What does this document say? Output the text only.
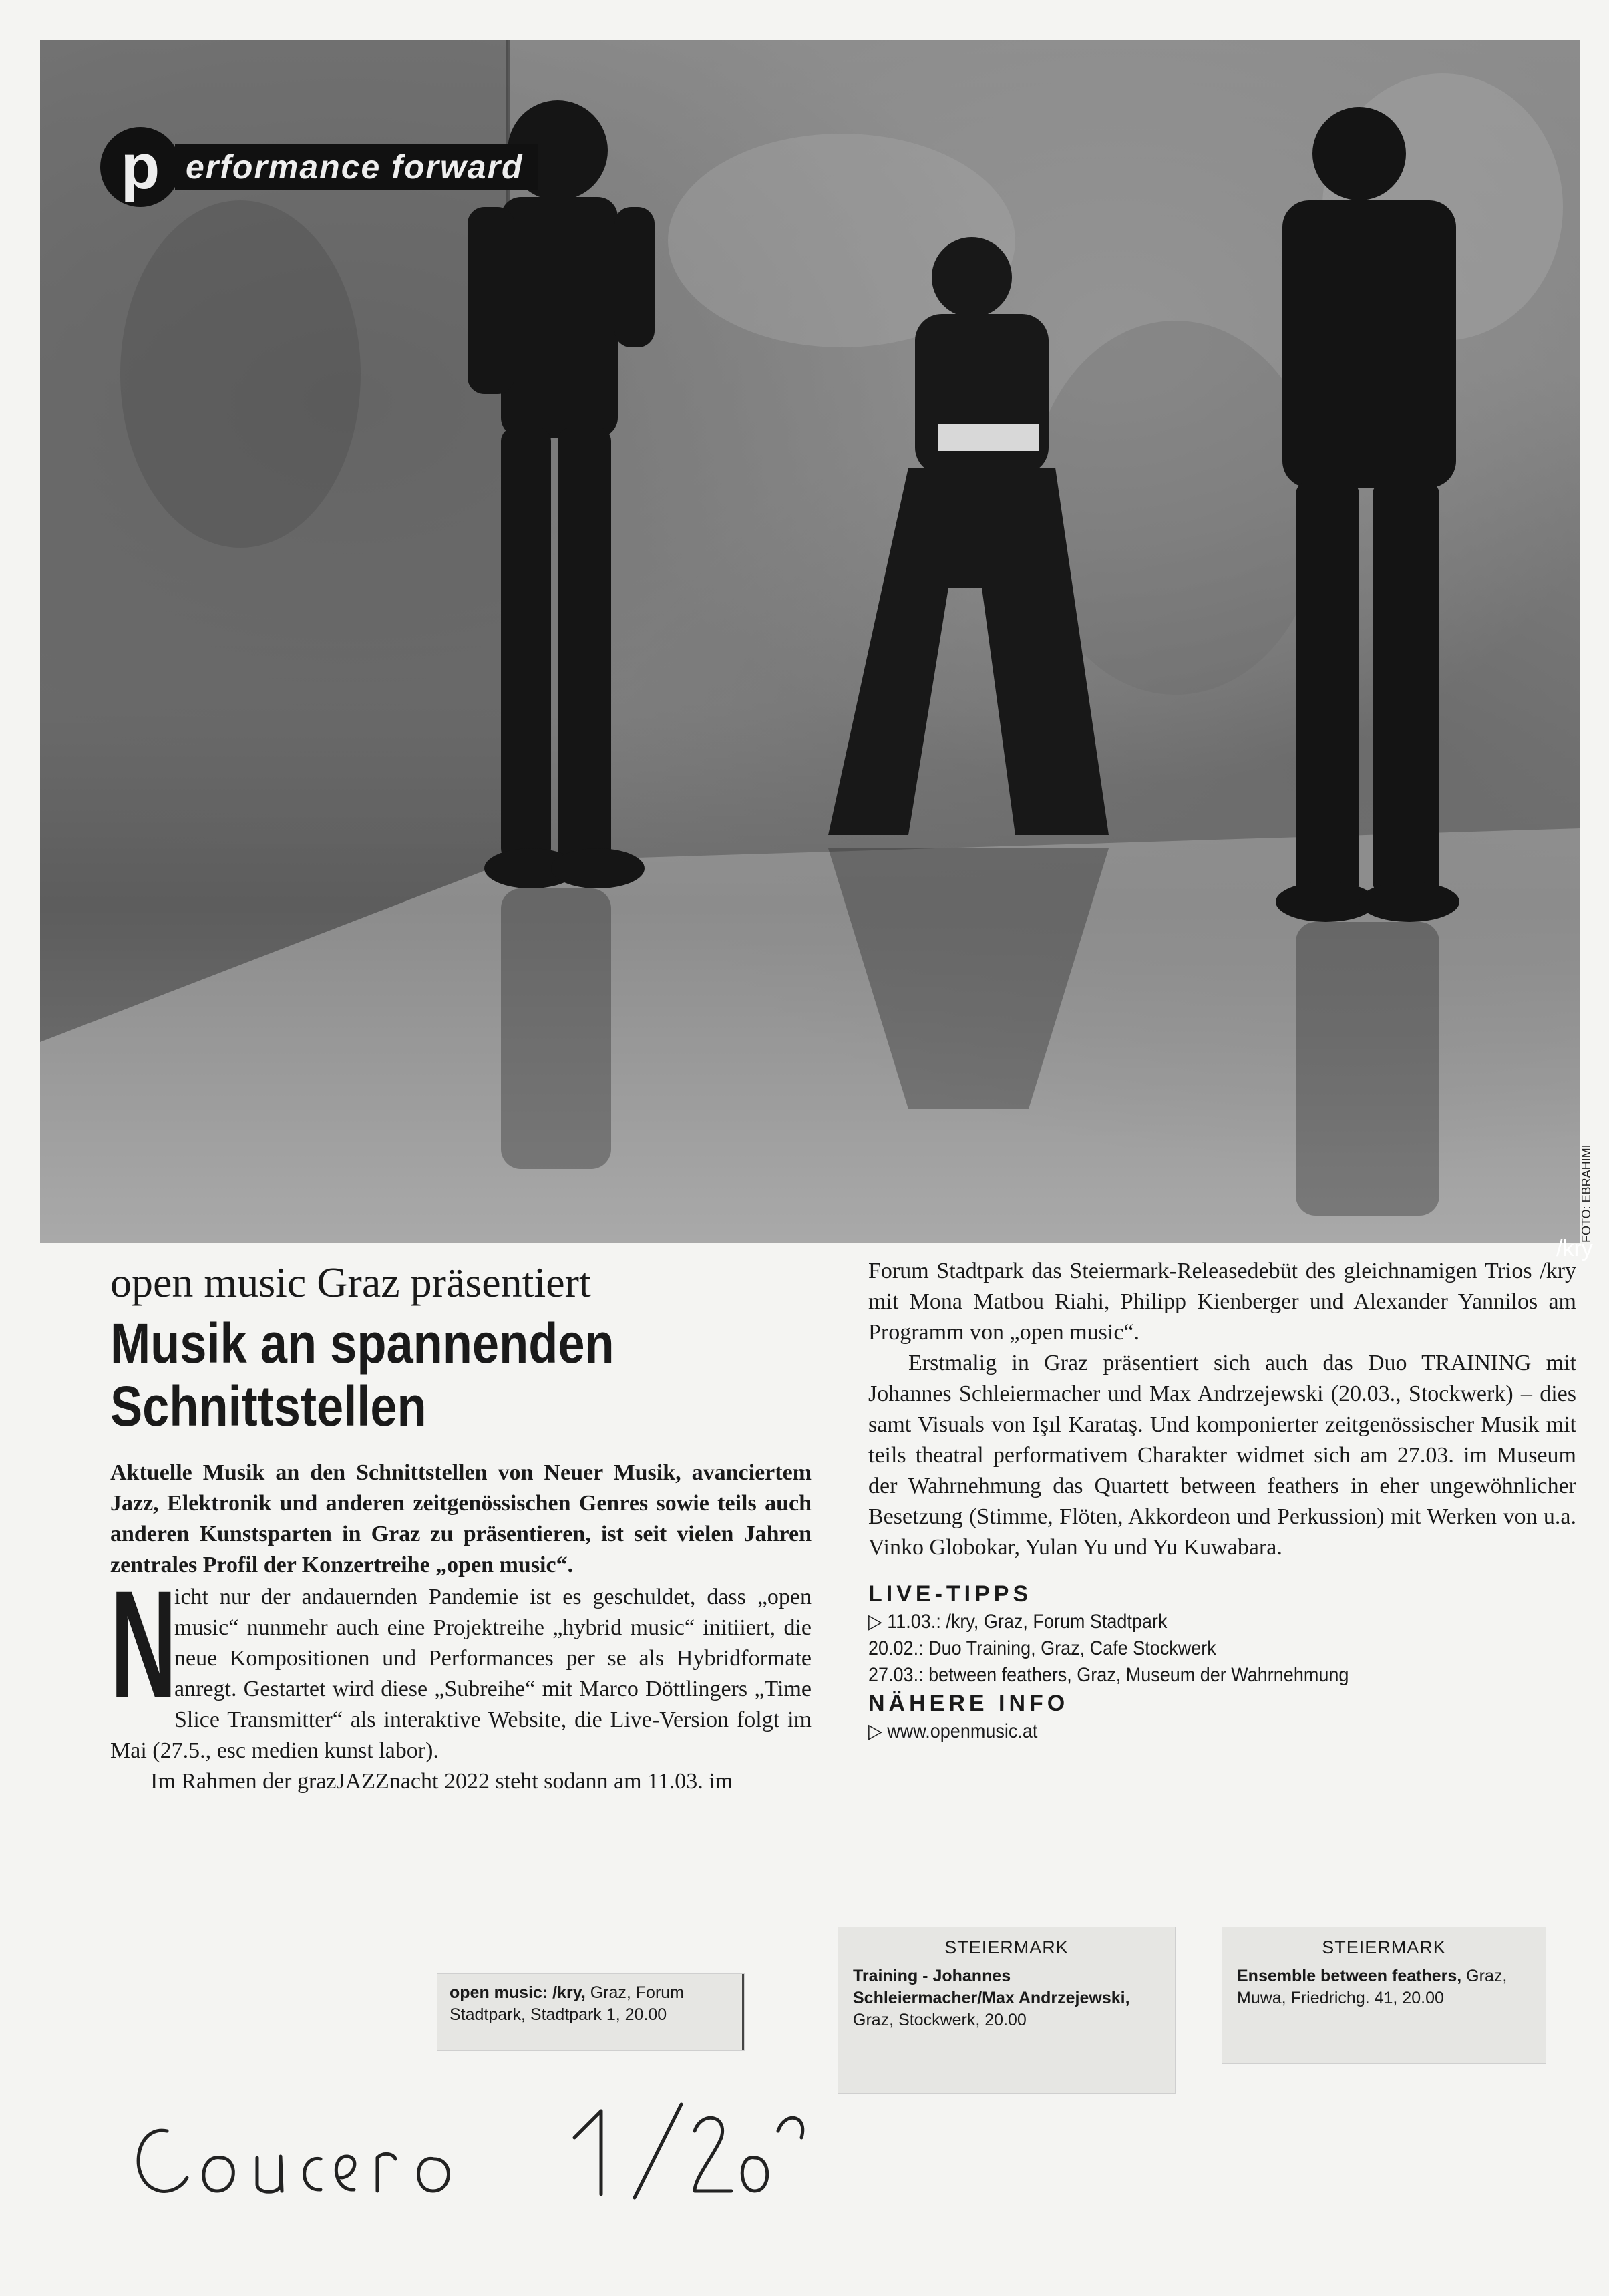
p erformance forward
/kry
FOTO: EBRAHIMI
open music Graz präsentiert
Musik an spannenden
Schnittstellen

Aktuelle Musik an den Schnittstellen von Neuer Musik, avanciertem Jazz, Elektronik und anderen zeitgenössischen Genres sowie teils auch anderen Kunstsparten in Graz zu präsentieren, ist seit vielen Jahren zentrales Profil der Konzertreihe „open music“.

N
icht nur der andauernden Pandemie ist es geschuldet, dass „open music“ nunmehr auch eine Projektreihe „hybrid music“ initiiert, die neue Kompositionen und Performances per se als Hybridformate anregt. Gestartet wird diese „Subreihe“ mit Marco Döttlingers „Time Slice Transmitter“ als interaktive Website, die Live-Version folgt im Mai (27.5., esc medien kunst labor).

Im Rahmen der grazJAZZnacht 2022 steht sodann am 11.03. im

Forum Stadtpark das Steiermark-Releasedebüt des gleichnamigen Trios /kry mit Mona Matbou Riahi, Philipp Kienberger und Alexander Yannilos am Programm von „open music“.

Erstmalig in Graz präsentiert sich auch das Duo TRAINING mit Johannes Schleiermacher und Max Andrzejewski (20.03., Stockwerk) – dies samt Visuals von Işıl Karataş. Und komponierter zeitgenössischer Musik mit teils theatral performativem Charakter widmet sich am 27.03. im Museum der Wahrnehmung das Quartett between feathers in eher ungewöhnlicher Besetzung (Stimme, Flöten, Akkordeon und Perkussion) mit Werken von u.a. Vinko Globokar, Yulan Yu und Yu Kuwabara.

LIVE-TIPPS
▷ 11.03.: /kry, Graz, Forum Stadtpark
20.02.: Duo Training, Graz, Cafe Stockwerk
27.03.: between feathers, Graz, Museum der Wahrnehmung
NÄHERE INFO
▷ www.openmusic.at
open music: /kry, Graz, Forum Stadtpark, Stadtpark 1, 20.00
STEIERMARK
Training - Johannes Schleiermacher/Max Andrzejewski, Graz, Stockwerk, 20.00
STEIERMARK
Ensemble between feathers, Graz, Muwa, Friedrichg. 41, 20.00
